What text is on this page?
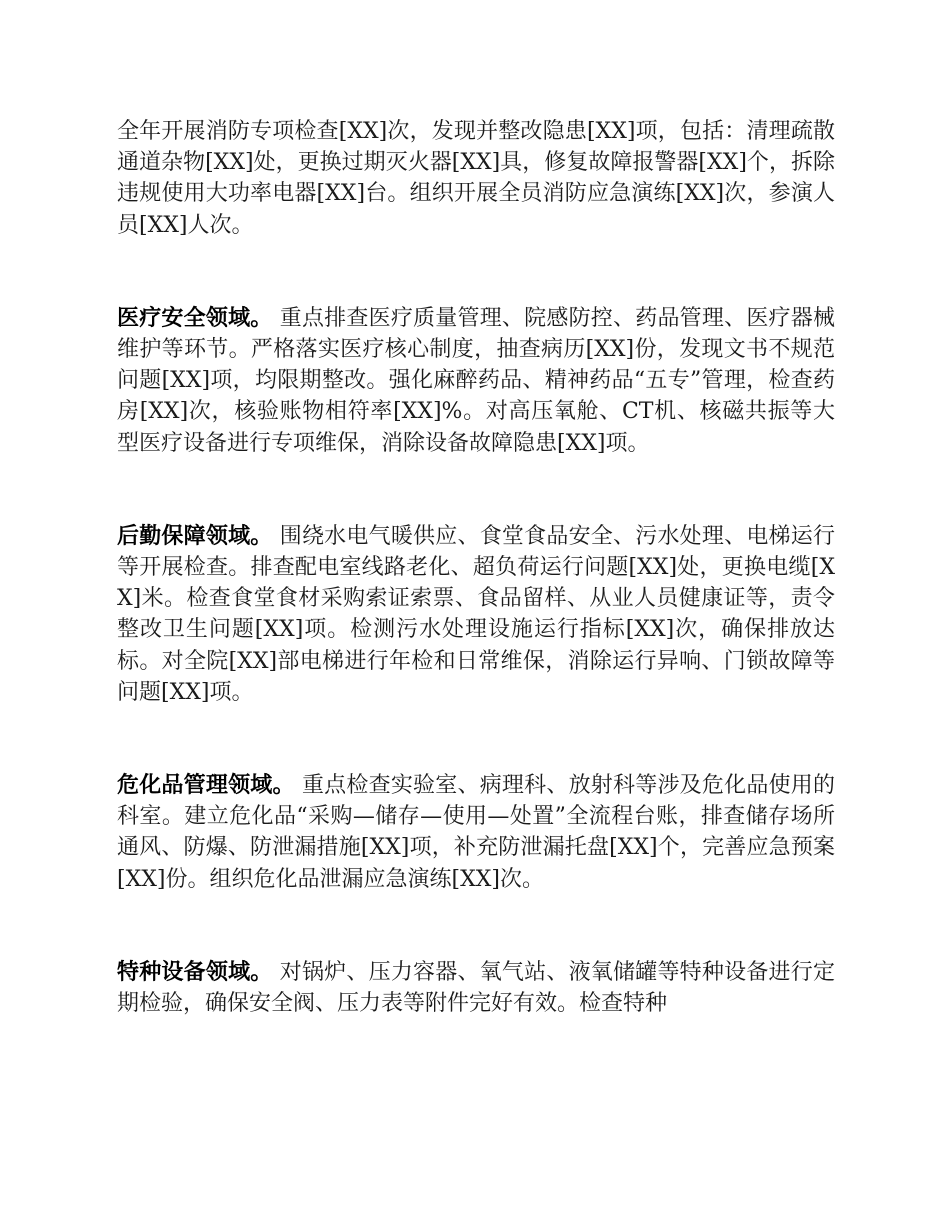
全年开展消防专项检查[XX]次，发现并整改隐患[XX]项，包括：清理疏散通道杂物[XX]处，更换过期灭火器[XX]具，修复故障报警器[XX]个，拆除违规使用大功率电器[XX]台。组织开展全员消防应急演练[XX]次，参演人员[XX]人次。

医疗安全领域。 重点排查医疗质量管理、院感防控、药品管理、医疗器械维护等环节。严格落实医疗核心制度，抽查病历[XX]份，发现文书不规范问题[XX]项，均限期整改。强化麻醉药品、精神药品“五专”管理，检查药房[XX]次，核验账物相符率[XX]%。对高压氧舱、CT机、核磁共振等大型医疗设备进行专项维保，消除设备故障隐患[XX]项。

后勤保障领域。 围绕水电气暖供应、食堂食品安全、污水处理、电梯运行等开展检查。排查配电室线路老化、超负荷运行问题[XX]处，更换电缆[XX]米。检查食堂食材采购索证索票、食品留样、从业人员健康证等，责令整改卫生问题[XX]项。检测污水处理设施运行指标[XX]次，确保排放达标。对全院[XX]部电梯进行年检和日常维保，消除运行异响、门锁故障等问题[XX]项。

危化品管理领域。 重点检查实验室、病理科、放射科等涉及危化品使用的科室。建立危化品“采购—储存—使用—处置”全流程台账，排查储存场所通风、防爆、防泄漏措施[XX]项，补充防泄漏托盘[XX]个，完善应急预案[XX]份。组织危化品泄漏应急演练[XX]次。

特种设备领域。 对锅炉、压力容器、氧气站、液氧储罐等特种设备进行定期检验，确保安全阀、压力表等附件完好有效。检查特种
